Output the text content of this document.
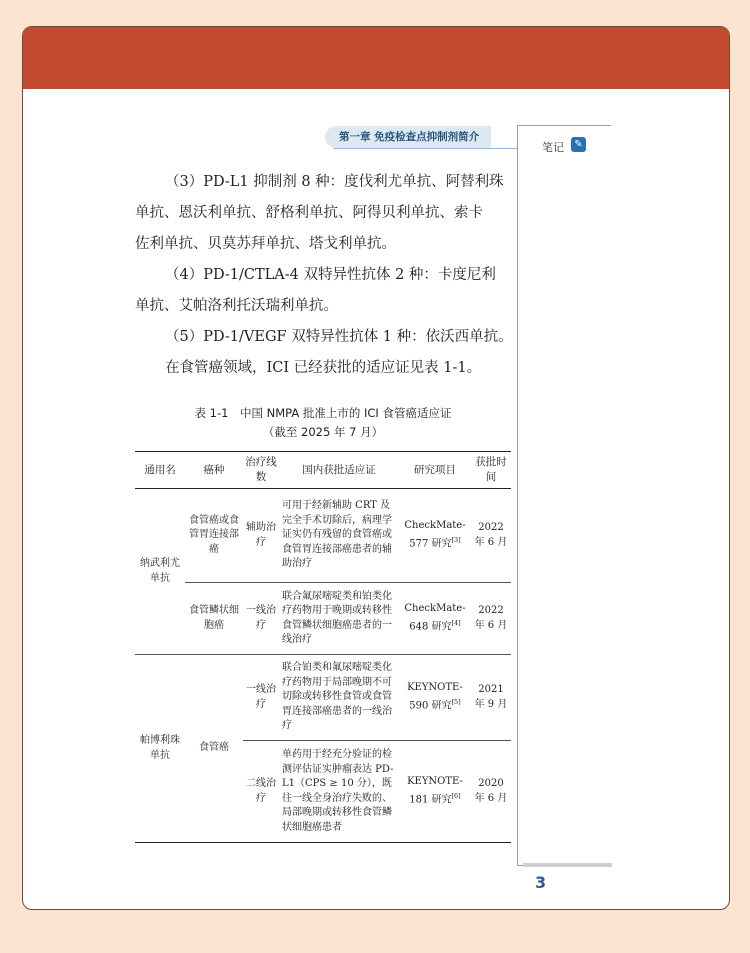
第一章 免疫检查点抑制剂简介
笔记	✎

（3）PD-L1 抑制剂 8 种：度伐利尤单抗、阿替利珠
单抗、恩沃利单抗、舒格利单抗、阿得贝利单抗、索卡
佐利单抗、贝莫苏拜单抗、塔戈利单抗。

（4）PD-1/CTLA-4 双特异性抗体 2 种：卡度尼利
单抗、艾帕洛利托沃瑞利单抗。

（5）PD-1/VEGF 双特异性抗体 1 种：依沃西单抗。

在食管癌领域，ICI 已经获批的适应证见表 1-1。

表 1-1　中国 NMPA 批准上市的 ICI 食管癌适应证
（截至 2025 年 7 月）
通用名	癌种	治疗线数	国内获批适应证	研究项目	获批时间
纳武利尤单抗	食管癌或食管胃连接部癌	辅助治疗	可用于经新辅助 CRT 及完全手术切除后，病理学证实仍有残留的食管癌或食管胃连接部癌患者的辅助治疗	CheckMate-577 研究[3]	2022 年 6 月
	食管鳞状细胞癌	一线治疗	联合氟尿嘧啶类和铂类化疗药物用于晚期或转移性食管鳞状细胞癌患者的一线治疗	CheckMate-648 研究[4]	2022 年 6 月
帕博利珠单抗	食管癌	一线治疗	联合铂类和氟尿嘧啶类化疗药物用于局部晚期不可切除或转移性食管或食管胃连接部癌患者的一线治疗	KEYNOTE-590 研究[5]	2021 年 9 月
		二线治疗	单药用于经充分验证的检测评估证实肿瘤表达 PD-L1（CPS ≥ 10 分），既往一线全身治疗失败的、局部晚期或转移性食管鳞状细胞癌患者	KEYNOTE-181 研究[6]	2020 年 6 月
3
